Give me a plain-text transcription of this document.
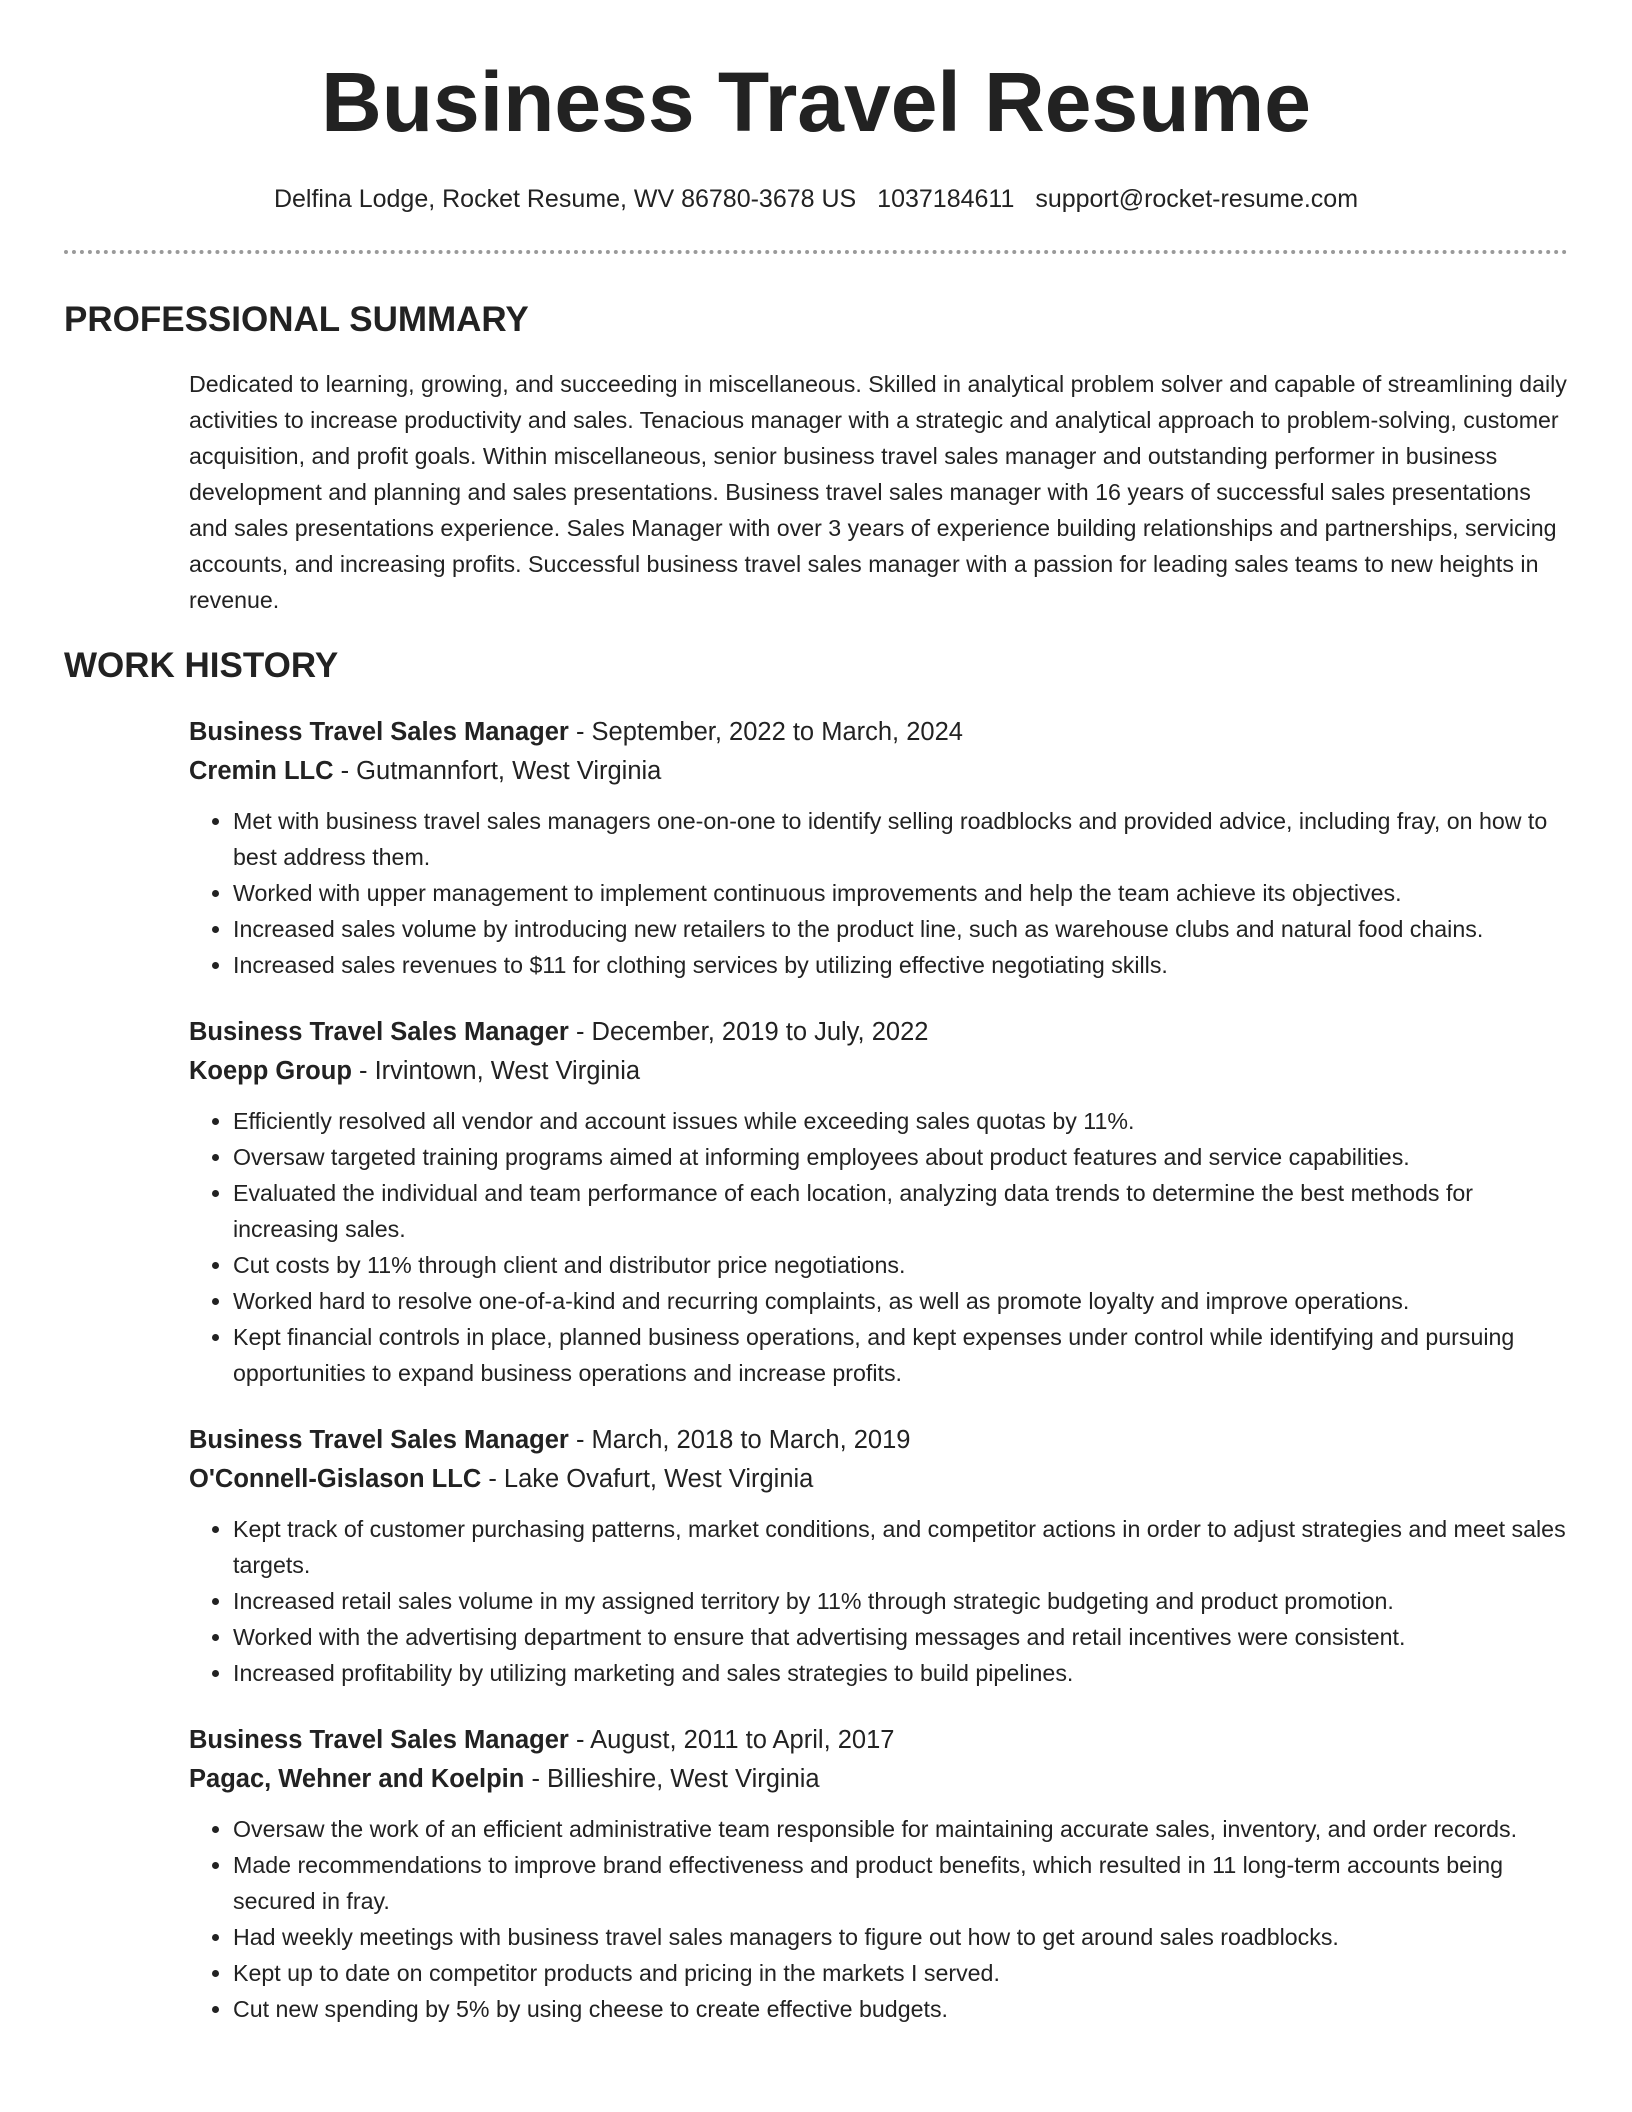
Business Travel Resume
Delfina Lodge, Rocket Resume, WV 86780-3678 US 1037184611 support@rocket-resume.com
PROFESSIONAL SUMMARY

Dedicated to learning, growing, and succeeding in miscellaneous. Skilled in analytical problem solver and capable of streamlining daily activities to increase productivity and sales. Tenacious manager with a strategic and analytical approach to problem-solving, customer acquisition, and profit goals. Within miscellaneous, senior business travel sales manager and outstanding performer in business development and planning and sales presentations. Business travel sales manager with 16 years of successful sales presentations and sales presentations experience. Sales Manager with over 3 years of experience building relationships and partnerships, servicing accounts, and increasing profits. Successful business travel sales manager with a passion for leading sales teams to new heights in revenue.

WORK HISTORY
Business Travel Sales Manager - September, 2022 to March, 2024
Cremin LLC - Gutmannfort, West Virginia
• Met with business travel sales managers one-on-one to identify selling roadblocks and provided advice, including fray, on how to best address them.
• Worked with upper management to implement continuous improvements and help the team achieve its objectives.
• Increased sales volume by introducing new retailers to the product line, such as warehouse clubs and natural food chains.
• Increased sales revenues to $11 for clothing services by utilizing effective negotiating skills.
Business Travel Sales Manager - December, 2019 to July, 2022
Koepp Group - Irvintown, West Virginia
• Efficiently resolved all vendor and account issues while exceeding sales quotas by 11%.
• Oversaw targeted training programs aimed at informing employees about product features and service capabilities.
• Evaluated the individual and team performance of each location, analyzing data trends to determine the best methods for increasing sales.
• Cut costs by 11% through client and distributor price negotiations.
• Worked hard to resolve one-of-a-kind and recurring complaints, as well as promote loyalty and improve operations.
• Kept financial controls in place, planned business operations, and kept expenses under control while identifying and pursuing opportunities to expand business operations and increase profits.
Business Travel Sales Manager - March, 2018 to March, 2019
O'Connell-Gislason LLC - Lake Ovafurt, West Virginia
• Kept track of customer purchasing patterns, market conditions, and competitor actions in order to adjust strategies and meet sales targets.
• Increased retail sales volume in my assigned territory by 11% through strategic budgeting and product promotion.
• Worked with the advertising department to ensure that advertising messages and retail incentives were consistent.
• Increased profitability by utilizing marketing and sales strategies to build pipelines.
Business Travel Sales Manager - August, 2011 to April, 2017
Pagac, Wehner and Koelpin - Billieshire, West Virginia
• Oversaw the work of an efficient administrative team responsible for maintaining accurate sales, inventory, and order records.
• Made recommendations to improve brand effectiveness and product benefits, which resulted in 11 long-term accounts being secured in fray.
• Had weekly meetings with business travel sales managers to figure out how to get around sales roadblocks.
• Kept up to date on competitor products and pricing in the markets I served.
• Cut new spending by 5% by using cheese to create effective budgets.
